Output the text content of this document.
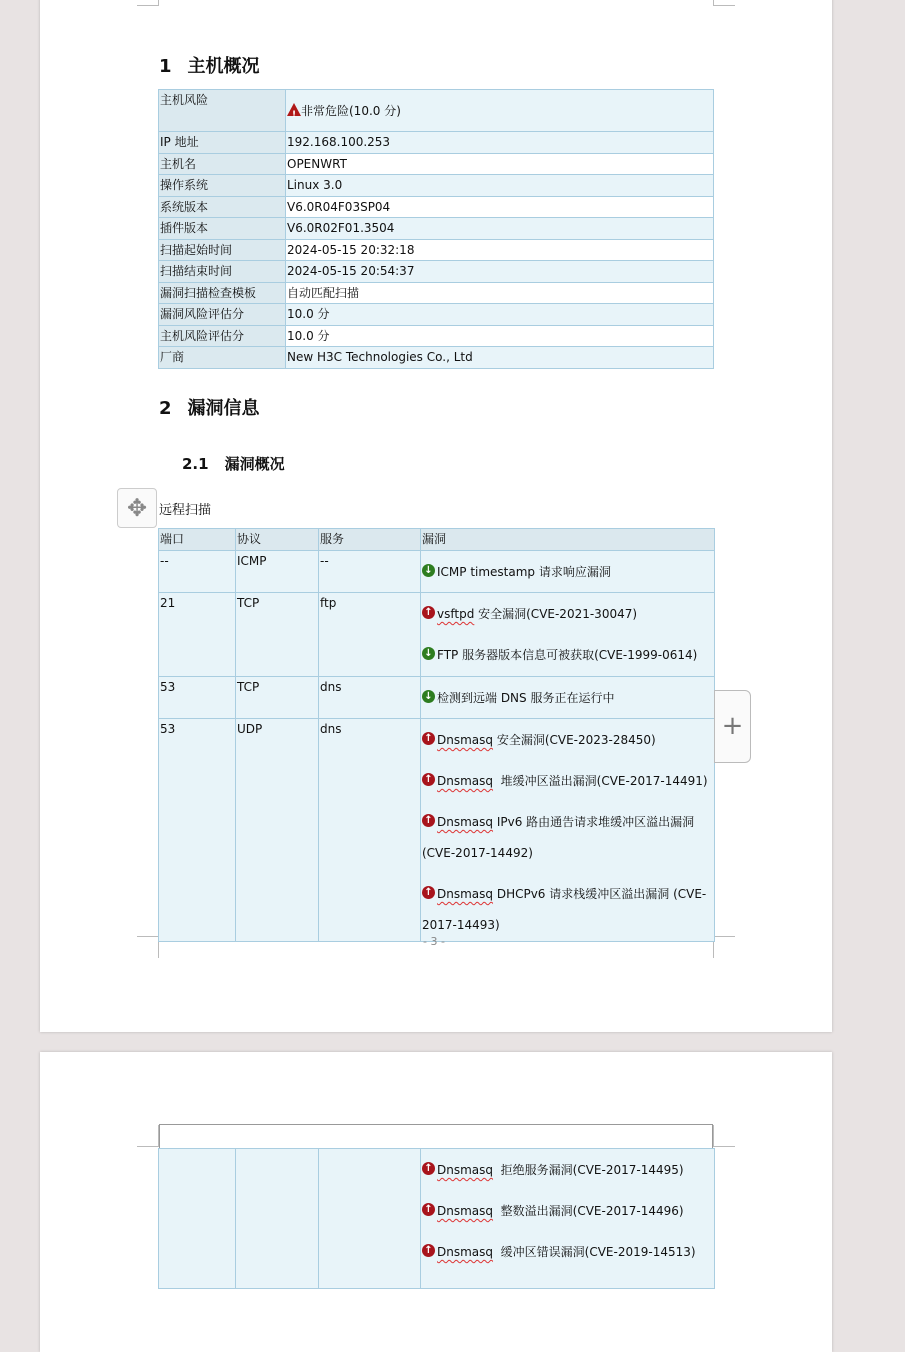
1 主机概况
主机风险	!非常危险(10.0 分)
IP 地址	192.168.100.253
主机名	OPENWRT
操作系统	Linux 3.0
系统版本	V6.0R04F03SP04
插件版本	V6.0R02F01.3504
扫描起始时间	2024-05-15 20:32:18
扫描结束时间	2024-05-15 20:54:37
漏洞扫描检查模板	自动匹配扫描
漏洞风险评估分	10.0 分
主机风险评估分	10.0 分
厂商	New H3C Technologies Co., Ltd
2 漏洞信息
2.1 漏洞概况
远程扫描
端口	协议	服务	漏洞
--	ICMP	--	↓ ICMP timestamp 请求响应漏洞

21	TCP	ftp	↑ vsftpd 安全漏洞(CVE-2021-30047)
↓ FTP 服务器版本信息可被获取(CVE-1999-0614)

53	TCP	dns	↓ 检测到远端 DNS 服务正在运行中

53	UDP	dns	↑ Dnsmasq 安全漏洞(CVE-2023-28450)
↑ Dnsmasq  堆缓冲区溢出漏洞(CVE-2017-14491)
↑ Dnsmasq IPv6 路由通告请求堆缓冲区溢出漏洞 (CVE-2017-14492)
↑ Dnsmasq DHCPv6 请求栈缓冲区溢出漏洞 (CVE-2017-14493)
- 3 -

↑ Dnsmasq  拒绝服务漏洞(CVE-2017-14495)
↑ Dnsmasq  整数溢出漏洞(CVE-2017-14496)
↑ Dnsmasq  缓冲区错误漏洞(CVE-2019-14513)
✥
+
